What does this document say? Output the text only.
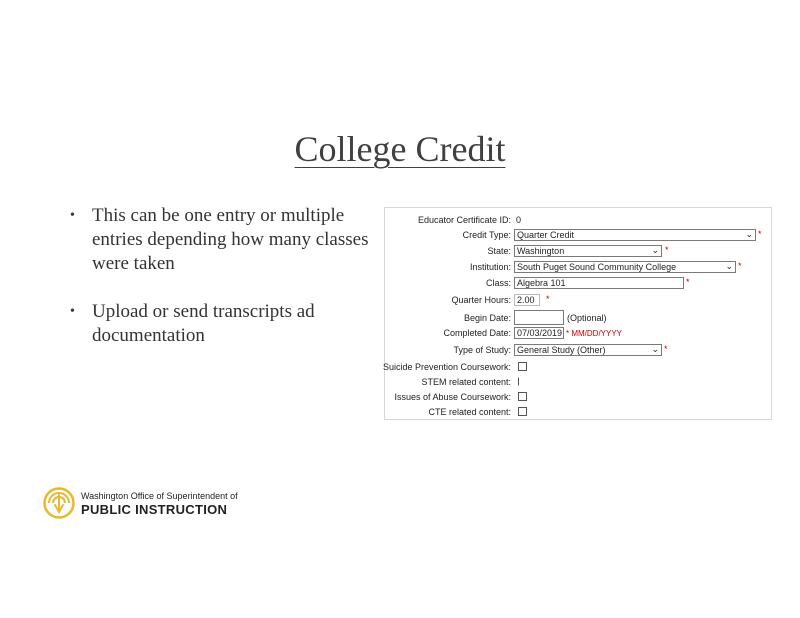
College Credit
• This can be one entry or multiple entries depending how many classes were taken
• Upload or send transcripts ad documentation
Educator Certificate ID: 0
Credit Type: Quarter Credit	⌄ *
State: Washington	⌄ *
Institution: South Puget Sound Community College	⌄ *
Class: Algebra 101	*
Quarter Hours: 2.00	*
Begin Date:	(Optional)
Completed Date: 07/03/2019 * MM/DD/YYYY
Type of Study: General Study (Other)	⌄ *
Suicide Prevention Coursework:
STEM related content:
Issues of Abuse Coursework:
CTE related content:
Washington Office of Superintendent of
PUBLIC INSTRUCTION
